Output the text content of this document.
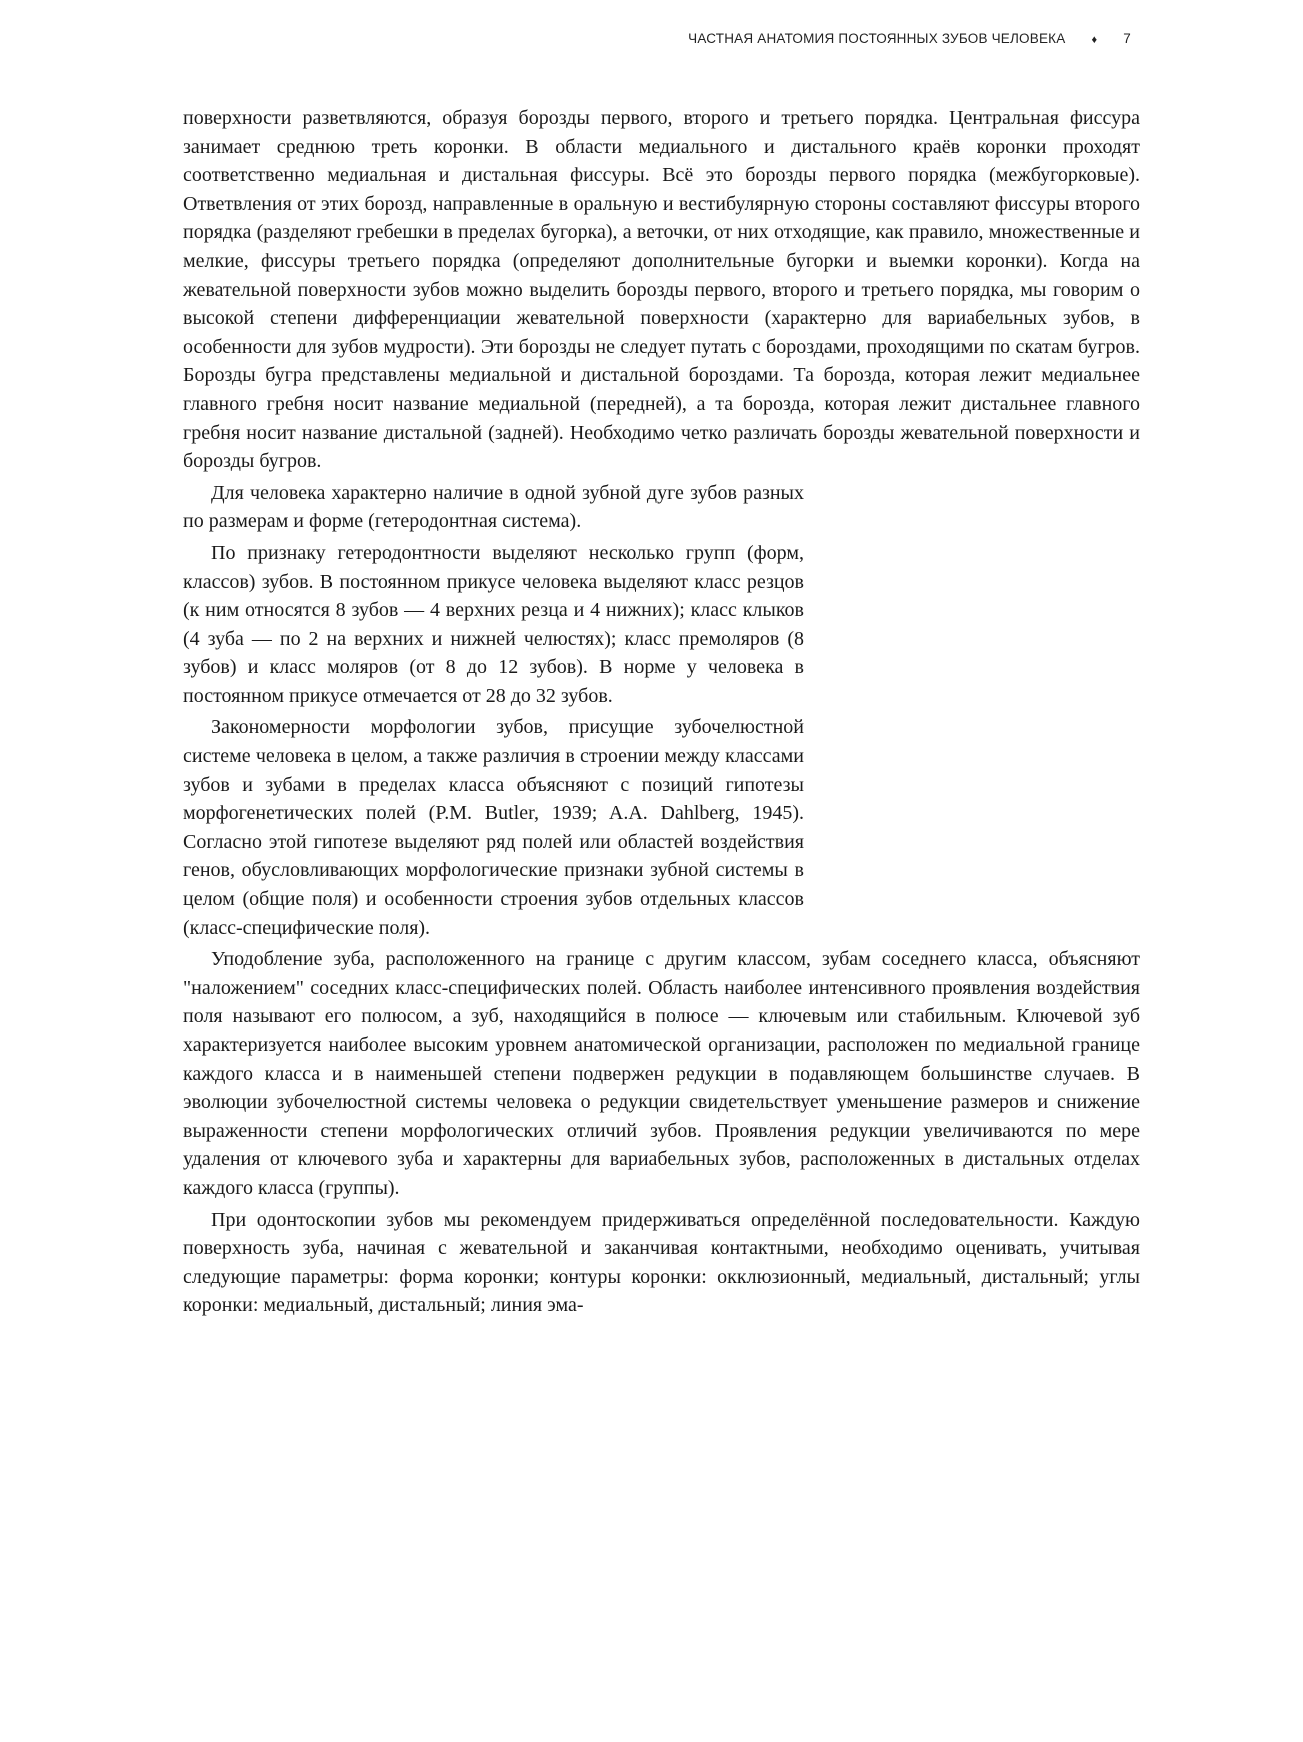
ЧАСТНАЯ АНАТОМИЯ ПОСТОЯННЫХ ЗУБОВ ЧЕЛОВЕКА ♦ 7

поверхности разветвляются, образуя борозды первого, второго и третьего порядка. Центральная фиссура занимает среднюю треть коронки. В области медиального и дистального краёв коронки проходят соответственно медиальная и дистальная фиссуры. Всё это борозды первого порядка (межбугорковые). Ответвления от этих борозд, направленные в оральную и вестибулярную стороны составляют фиссуры второго порядка (разделяют гребешки в пределах бугорка), а веточки, от них отходящие, как правило, множественные и мелкие, фиссуры третьего порядка (определяют дополнительные бугорки и выемки коронки). Когда на жевательной поверхности зубов можно выделить борозды первого, второго и третьего порядка, мы говорим о высокой степени дифференциации жевательной поверхности (характерно для вариабельных зубов, в особенности для зубов мудрости). Эти борозды не следует путать с бороздами, проходящими по скатам бугров. Борозды бугра представлены медиальной и дистальной бороздами. Та борозда, которая лежит медиальнее главного гребня носит название медиальной (передней), а та борозда, которая лежит дистальнее главного гребня носит название дистальной (задней). Необходимо четко различать борозды жевательной поверхности и борозды бугров.

Для человека характерно наличие в одной зубной дуге зубов разных по размерам и форме (гетеродонтная система).

По признаку гетеродонтности выделяют несколько групп (форм, классов) зубов. В постоянном прикусе человека выделяют класс резцов (к ним относятся 8 зубов — 4 верхних резца и 4 нижних); класс клыков (4 зуба — по 2 на верхних и нижней челюстях); класс премоляров (8 зубов) и класс моляров (от 8 до 12 зубов). В норме у человека в постоянном прикусе отмечается от 28 до 32 зубов.

Закономерности морфологии зубов, присущие зубочелюстной системе человека в целом, а также различия в строении между классами зубов и зубами в пределах класса объясняют с позиций гипотезы морфогенетических полей (P.M. Butler, 1939; A.A. Dahlberg, 1945). Согласно этой гипотезе выделяют ряд полей или областей воздействия генов, обусловливающих морфологические признаки зубной системы в целом (общие поля) и особенности строения зубов отдельных классов (класс-специфические поля).

Уподобление зуба, расположенного на границе с другим классом, зубам соседнего класса, объясняют "наложением" соседних класс-специфических полей. Область наиболее интенсивного проявления воздействия поля называют его полюсом, а зуб, находящийся в полюсе — ключевым или стабильным. Ключевой зуб характеризуется наиболее высоким уровнем анатомической организации, расположен по медиальной границе каждого класса и в наименьшей степени подвержен редукции в подавляющем большинстве случаев. В эволюции зубочелюстной системы человека о редукции свидетельствует уменьшение размеров и снижение выраженности степени морфологических отличий зубов. Проявления редукции увеличиваются по мере удаления от ключевого зуба и характерны для вариабельных зубов, расположенных в дистальных отделах каждого класса (группы).

При одонтоскопии зубов мы рекомендуем придерживаться определённой последовательности. Каждую поверхность зуба, начиная с жевательной и заканчивая контактными, необходимо оценивать, учитывая следующие параметры: форма коронки; контуры коронки: окклюзионный, медиальный, дистальный; углы коронки: медиальный, дистальный; линия эма-
